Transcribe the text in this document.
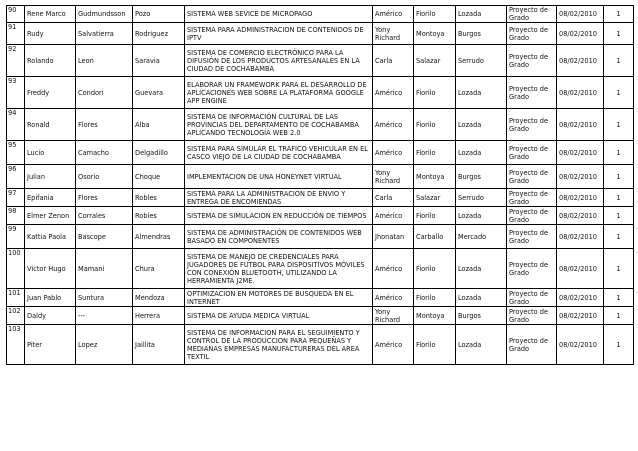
90	Rene Marco	Gudmundsson	Pozo	SISTEMA WEB SEVICE DE MICROPAGO	Américo	Fiorilo	Lozada	Proyecto de Grado	08/02/2010	1
91	Rudy	Salvatierra	Rodriguez	SISTEMA PARA ADMINISTRACION DE CONTENIDOS DE IPTV	Yony Richard	Montoya	Burgos	Proyecto de Grado	08/02/2010	1
92	Rolando	Leon	Saravia	SISTEMA DE COMERCIO ELECTRÓNICO PARA LA DIFUSIÓN DE LOS PRODUCTOS ARTESANALES EN LA CIUDAD DE COCHABAMBA	Carla	Salazar	Serrudo	Proyecto de Grado	08/02/2010	1
93	Freddy	Condori	Guevara	ELABORAR UN FRAMEWORK PARA EL DESARROLLO DE APLICACIONES WEB SOBRE LA PLATAFORMA GOOGLE APP ENGINE	Américo	Fiorilo	Lozada	Proyecto de Grado	08/02/2010	1
94	Ronald	Flores	Alba	SISTEMA DE INFORMACIÓN CULTURAL DE LAS PROVINCIAS DEL DEPARTAMENTO DE COCHABAMBA APLICANDO TECNOLOGÍA WEB 2.0	Américo	Fiorilo	Lozada	Proyecto de Grado	08/02/2010	1
95	Lucio	Camacho	Delgadillo	SISTEMA PARA SIMULAR EL TRAFICO VEHICULAR EN EL CASCO VIEJO DE LA CIUDAD DE COCHABAMBA	Américo	Fiorilo	Lozada	Proyecto de Grado	08/02/2010	1
96	Julian	Osorio	Choque	IMPLEMENTACION DE UNA HONEYNET VIRTUAL	Yony Richard	Montoya	Burgos	Proyecto de Grado	08/02/2010	1
97	Epifania	Flores	Robles	SISTEMA PARA LA ADMINISTRACION DE ENVIO Y ENTREGA DE ENCOMIENDAS	Carla	Salazar	Serrudo	Proyecto de Grado	08/02/2010	1
98	Elmer Zenon	Corrales	Robles	SISTEMA DE SIMULACION EN REDUCCIÓN DE TIEMPOS	Américo	Fiorilo	Lozada	Proyecto de Grado	08/02/2010	1
99	Kattia Paola	Bascope	Almendras	SISTEMA DE ADMINISTRACIÓN DE CONTENIDOS WEB BASADO EN COMPONENTES	Jhonatan	Carballo	Mercado	Proyecto de Grado	08/02/2010	1
100	Victor Hugo	Mamani	Chura	SISTEMA DE MANEJO DE CREDENCIALES PARA JUGADORES DE FUTBOL PARA DISPOSITIVOS MÓVILES CON CONEXIÓN BLUETOOTH, UTILIZANDO LA HERRAMIENTA J2ME.	Américo	Fiorilo	Lozada	Proyecto de Grado	08/02/2010	1
101	Juan Pablo	Suntura	Mendoza	OPTIMIZACION EN MOTORES DE BUSQUEDA EN EL INTERNET	Américo	Fiorilo	Lozada	Proyecto de Grado	08/02/2010	1
102	Daldy	---	Herrera	SISTEMA DE AYUDA MEDICA VIRTUAL	Yony Richard	Montoya	Burgos	Proyecto de Grado	08/02/2010	1
103	Piter	Lopez	Jaillita	SISTEMA DE INFORMACION PARA EL SEGUIMIENTO Y CONTROL DE LA PRODUCCION PARA PEQUEÑAS Y MEDIANAS EMPRESAS MANUFACTURERAS DEL AREA TEXTIL	Américo	Fiorilo	Lozada	Proyecto de Grado	08/02/2010	1
